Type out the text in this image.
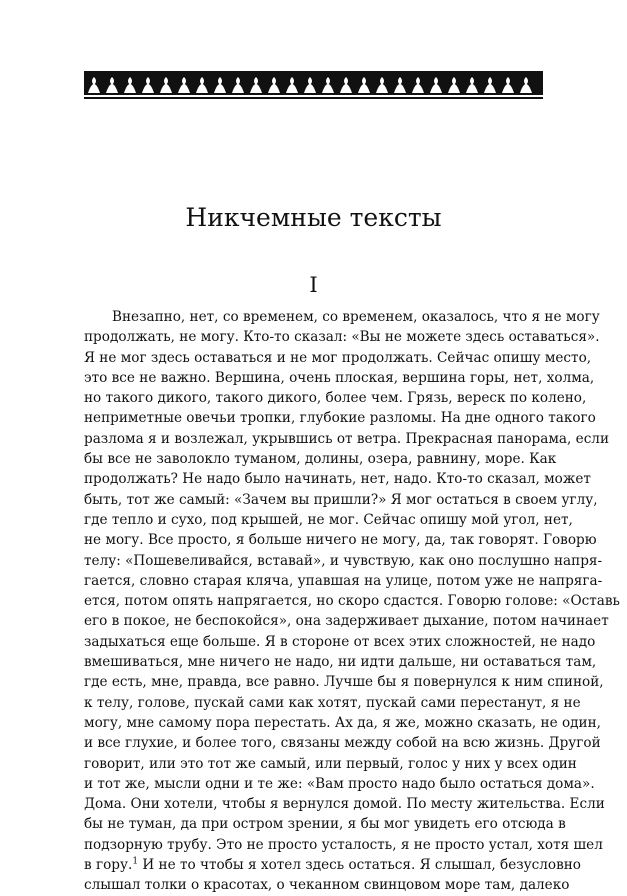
Никчемные тексты
I
Внезапно, нет, со временем, со временем, оказалось, что я не могу
продолжать, не могу. Кто-то сказал: «Вы не можете здесь оставаться».
Я не мог здесь оставаться и не мог продолжать. Сейчас опишу место,
это все не важно. Вершина, очень плоская, вершина горы, нет, холма,
но такого дикого, такого дикого, более чем. Грязь, вереск по колено,
неприметные овечьи тропки, глубокие разломы. На дне одного такого
разлома я и возлежал, укрывшись от ветра. Прекрасная панорама, если
бы все не заволокло туманом, долины, озера, равнину, море. Как
продолжать? Не надо было начинать, нет, надо. Кто-то сказал, может
быть, тот же самый: «Зачем вы пришли?» Я мог остаться в своем углу,
где тепло и сухо, под крышей, не мог. Сейчас опишу мой угол, нет,
не могу. Все просто, я больше ничего не могу, да, так говорят. Говорю
телу: «Пошевеливайся, вставай», и чувствую, как оно послушно напря-
гается, словно старая кляча, упавшая на улице, потом уже не напряга-
ется, потом опять напрягается, но скоро сдастся. Говорю голове: «Оставь
его в покое, не беспокойся», она задерживает дыхание, потом начинает
задыхаться еще больше. Я в стороне от всех этих сложностей, не надо
вмешиваться, мне ничего не надо, ни идти дальше, ни оставаться там,
где есть, мне, правда, все равно. Лучше бы я повернулся к ним спиной,
к телу, голове, пускай сами как хотят, пускай сами перестанут, я не
могу, мне самому пора перестать. Ах да, я же, можно сказать, не один,
и все глухие, и более того, связаны между собой на всю жизнь. Другой
говорит, или это тот же самый, или первый, голос у них у всех один
и тот же, мысли одни и те же: «Вам просто надо было остаться дома».
Дома. Они хотели, чтобы я вернулся домой. По месту жительства. Если
бы не туман, да при остром зрении, я бы мог увидеть его отсюда в
подзорную трубу. Это не просто усталость, я не просто устал, хотя шел
в гору.$^1$ И не то чтобы я хотел здесь остаться. Я слышал, безусловно
слышал толки о красотах, о чеканном свинцовом море там, далеко
